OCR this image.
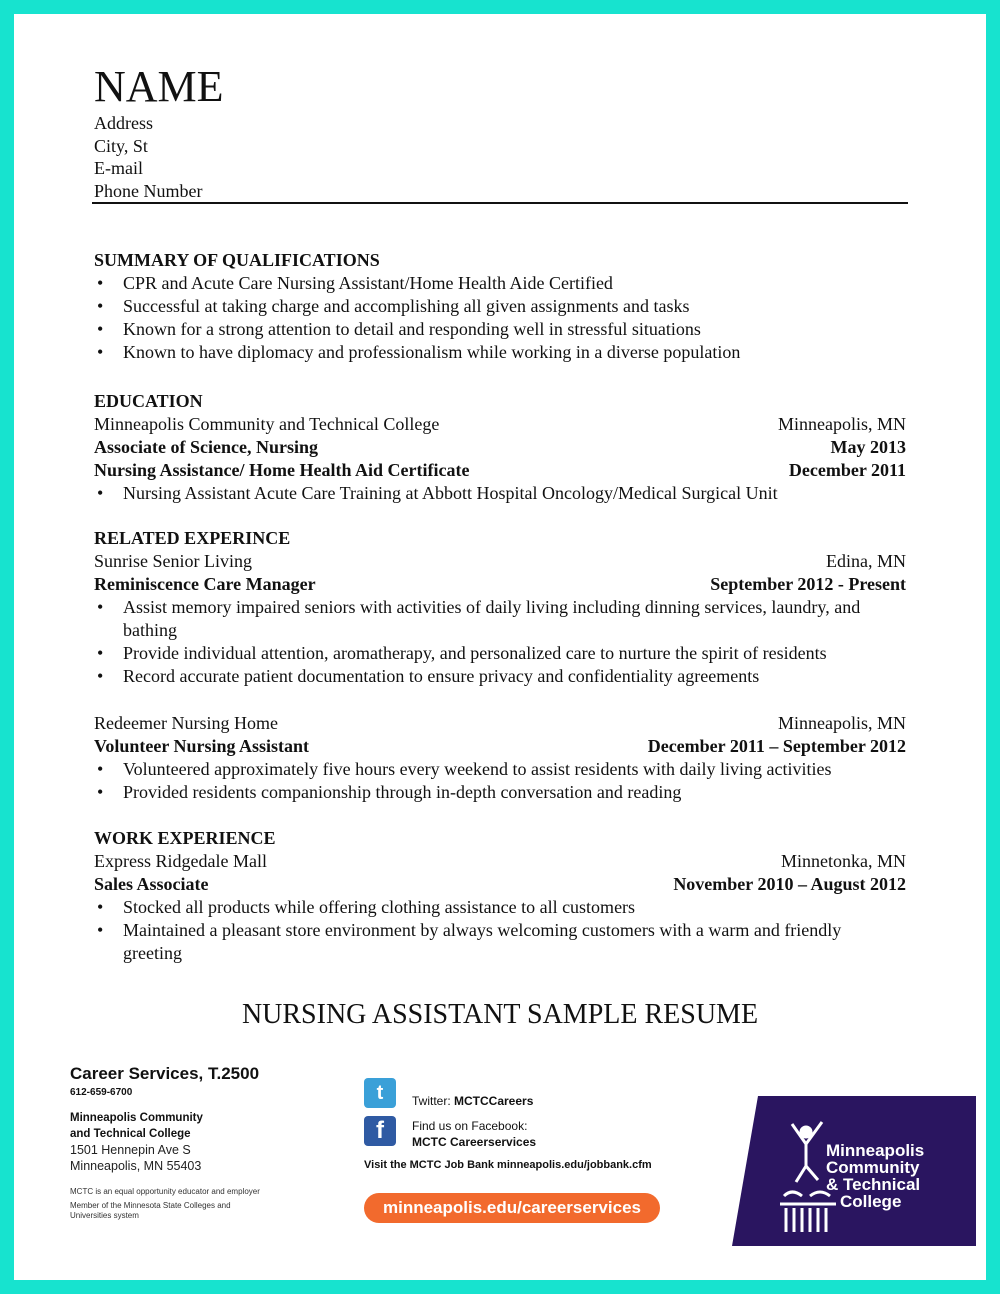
NAME
Address
City, St
E-mail
Phone Number
SUMMARY OF QUALIFICATIONS
• CPR and Acute Care Nursing Assistant/Home Health Aide Certified
• Successful at taking charge and accomplishing all given assignments and tasks
• Known for a strong attention to detail and responding well in stressful situations
• Known to have diplomacy and professionalism while working in a diverse population
EDUCATION
Minneapolis Community and Technical College	Minneapolis, MN
Associate of Science, Nursing	May 2013
Nursing Assistance/ Home Health Aid Certificate	December 2011
• Nursing Assistant Acute Care Training at Abbott Hospital Oncology/Medical Surgical Unit
RELATED EXPERINCE
Sunrise Senior Living	Edina, MN
Reminiscence Care Manager	September 2012 - Present
• Assist memory impaired seniors with activities of daily living including dinning services, laundry, and bathing
• Provide individual attention, aromatherapy, and personalized care to nurture the spirit of residents
• Record accurate patient documentation to ensure privacy and confidentiality agreements
Redeemer Nursing Home	Minneapolis, MN
Volunteer Nursing Assistant	December 2011 – September 2012
• Volunteered approximately five hours every weekend to assist residents with daily living activities
• Provided residents companionship through in-depth conversation and reading
WORK EXPERIENCE
Express Ridgedale Mall	Minnetonka, MN
Sales Associate	November 2010 – August 2012
• Stocked all products while offering clothing assistance to all customers
• Maintained a pleasant store environment by always welcoming customers with a warm and friendly greeting
NURSING ASSISTANT SAMPLE RESUME
Career Services, T.2500
612-659-6700
Minneapolis Community
and Technical College
1501 Hennepin Ave S
Minneapolis, MN 55403
MCTC is an equal opportunity educator and employer
Member of the Minnesota State Colleges and
Universities system
t	Twitter: MCTCCareers
f	Find us on Facebook:
MCTC Careerservices
Visit the MCTC Job Bank minneapolis.edu/jobbank.cfm
minneapolis.edu/careerservices
Minneapolis
Community
& Technical
College
